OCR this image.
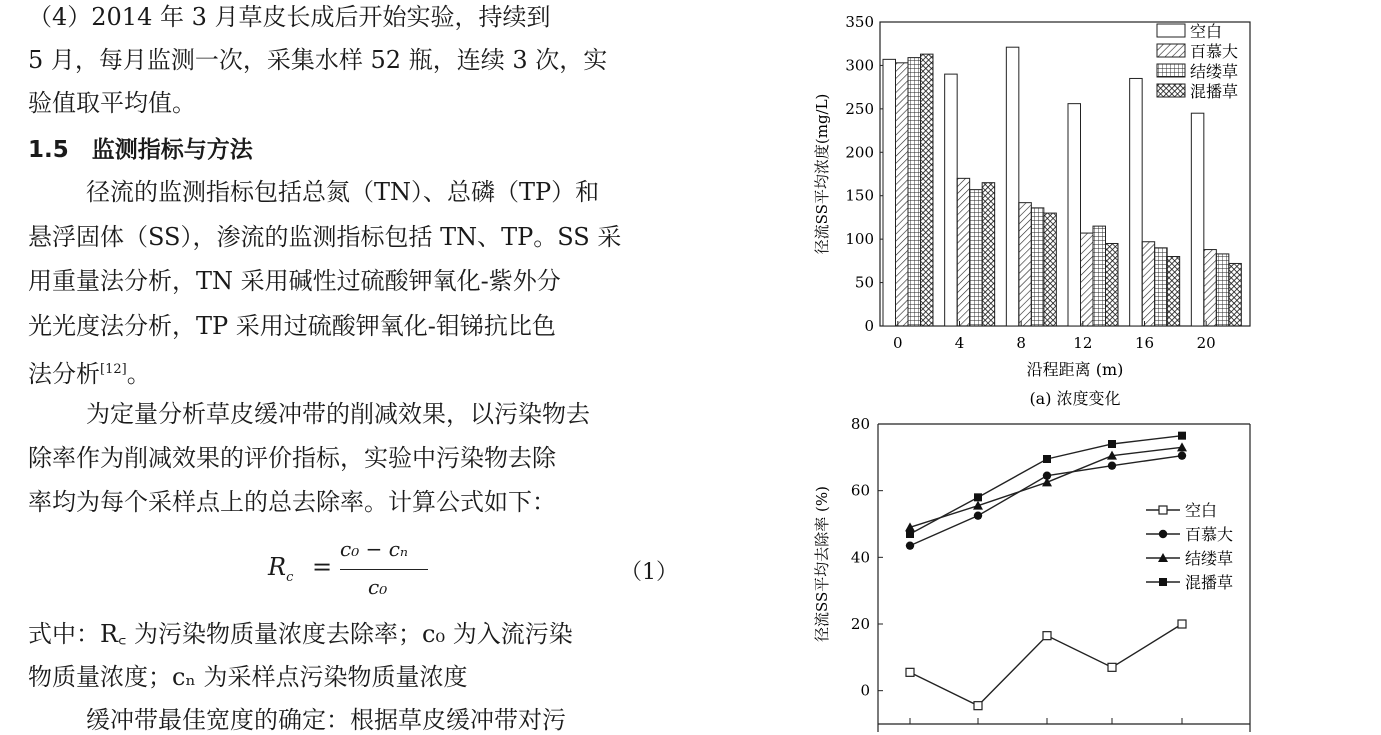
（4）2014 年 3 月草皮长成后开始实验，持续到
5 月，每月监测一次，采集水样 52 瓶，连续 3 次，实
验值取平均值。
1.5　监测指标与方法
径流的监测指标包括总氮（TN）、总磷（TP）和
悬浮固体（SS），渗流的监测指标包括 TN、TP。SS 采
用重量法分析，TN 采用碱性过硫酸钾氧化-紫外分
光光度法分析，TP 采用过硫酸钾氧化-钼锑抗比色
法分析[12]。
为定量分析草皮缓冲带的削减效果，以污染物去
除率作为削减效果的评价指标，实验中污染物去除
率均为每个采样点上的总去除率。计算公式如下：
$R_c$ =
c₀ − cₙ
c₀
（1）
式中：R꜀ 为污染物质量浓度去除率；c₀ 为入流污染
物质量浓度；cₙ 为采样点污染物质量浓度
缓冲带最佳宽度的确定：根据草皮缓冲带对污
0
50
100
150
200
250
300
350
0	4	8	12	16	20
径流SS平均浓度(mg/L)
沿程距离 (m)
(a) 浓度变化
空白
百慕大
结缕草
混播草
0
20
40
60
80
径流SS平均去除率 (%)	空白
百慕大
结缕草
混播草
